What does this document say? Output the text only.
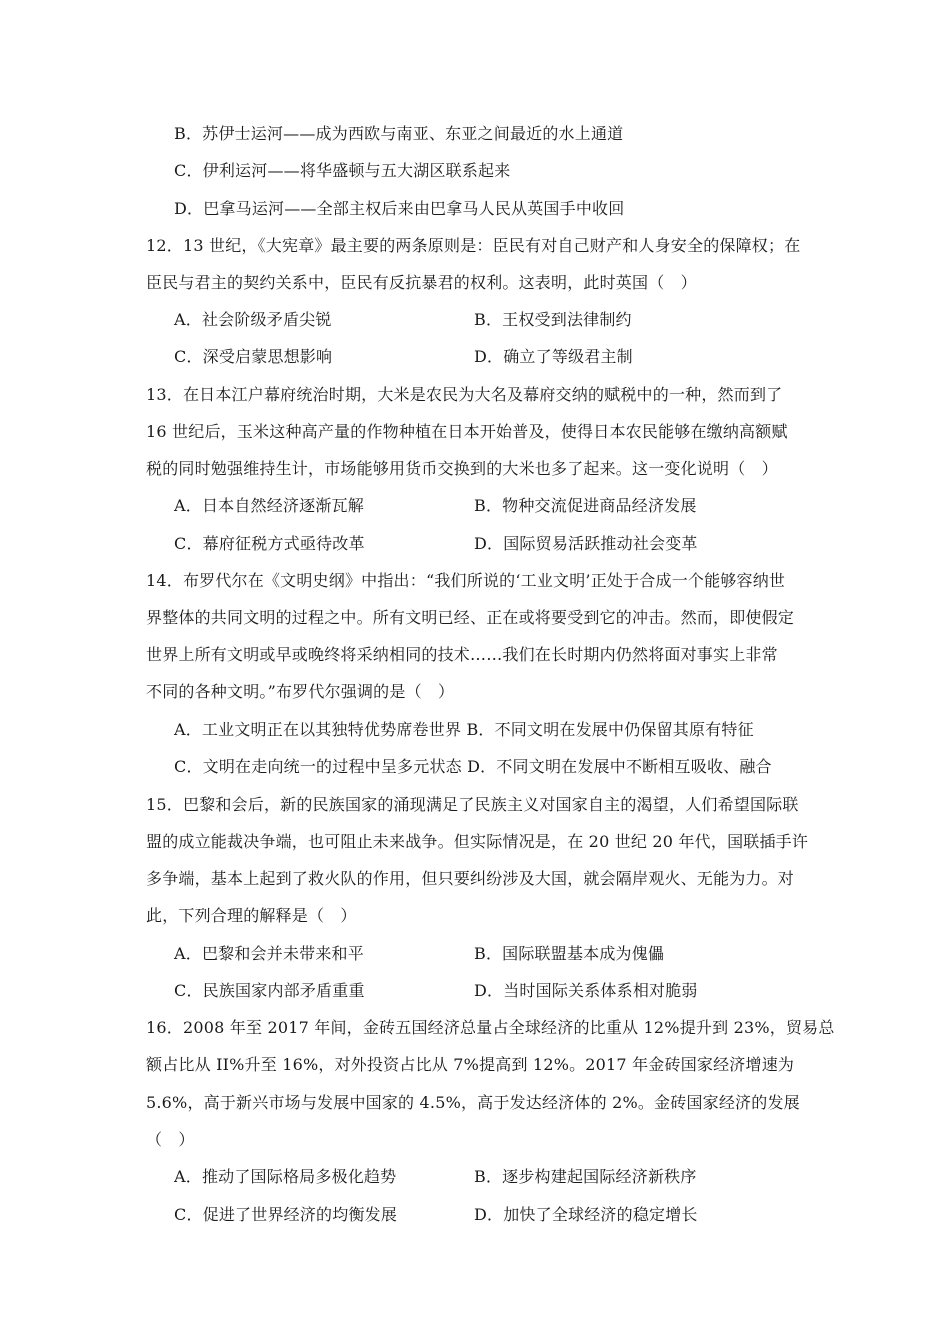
B．苏伊士运河——成为西欧与南亚、东亚之间最近的水上通道
C．伊利运河——将华盛顿与五大湖区联系起来
D．巴拿马运河——全部主权后来由巴拿马人民从英国手中收回
12．13 世纪，《大宪章》最主要的两条原则是：臣民有对自己财产和人身安全的保障权；在
臣民与君主的契约关系中，臣民有反抗暴君的权利。这表明，此时英国（　）
A．社会阶级矛盾尖锐	B．王权受到法律制约
C．深受启蒙思想影响	D．确立了等级君主制
13．在日本江户幕府统治时期，大米是农民为大名及幕府交纳的赋税中的一种，然而到了
16 世纪后，玉米这种高产量的作物种植在日本开始普及，使得日本农民能够在缴纳高额赋
税的同时勉强维持生计，市场能够用货币交换到的大米也多了起来。这一变化说明（　）
A．日本自然经济逐渐瓦解	B．物种交流促进商品经济发展
C．幕府征税方式亟待改革	D．国际贸易活跃推动社会变革
14．布罗代尔在《文明史纲》中指出：“我们所说的‘工业文明’正处于合成一个能够容纳世
界整体的共同文明的过程之中。所有文明已经、正在或将要受到它的冲击。然而，即使假定
世界上所有文明或早或晚终将采纳相同的技术……我们在长时期内仍然将面对事实上非常
不同的各种文明。”布罗代尔强调的是（　）
A．工业文明正在以其独特优势席卷世界 B．不同文明在发展中仍保留其原有特征
C．文明在走向统一的过程中呈多元状态 D．不同文明在发展中不断相互吸收、融合
15．巴黎和会后，新的民族国家的涌现满足了民族主义对国家自主的渴望，人们希望国际联
盟的成立能裁决争端，也可阻止未来战争。但实际情况是，在 20 世纪 20 年代，国联插手许
多争端，基本上起到了救火队的作用，但只要纠纷涉及大国，就会隔岸观火、无能为力。对
此，下列合理的解释是（　）
A．巴黎和会并未带来和平	B．国际联盟基本成为傀儡
C．民族国家内部矛盾重重	D．当时国际关系体系相对脆弱
16．2008 年至 2017 年间，金砖五国经济总量占全球经济的比重从 12%提升到 23%，贸易总
额占比从 II%升至 16%，对外投资占比从 7%提高到 12%。2017 年金砖国家经济增速为
5.6%，高于新兴市场与发展中国家的 4.5%，高于发达经济体的 2%。金砖国家经济的发展
（　）
A．推动了国际格局多极化趋势	B．逐步构建起国际经济新秩序
C．促进了世界经济的均衡发展	D．加快了全球经济的稳定增长
